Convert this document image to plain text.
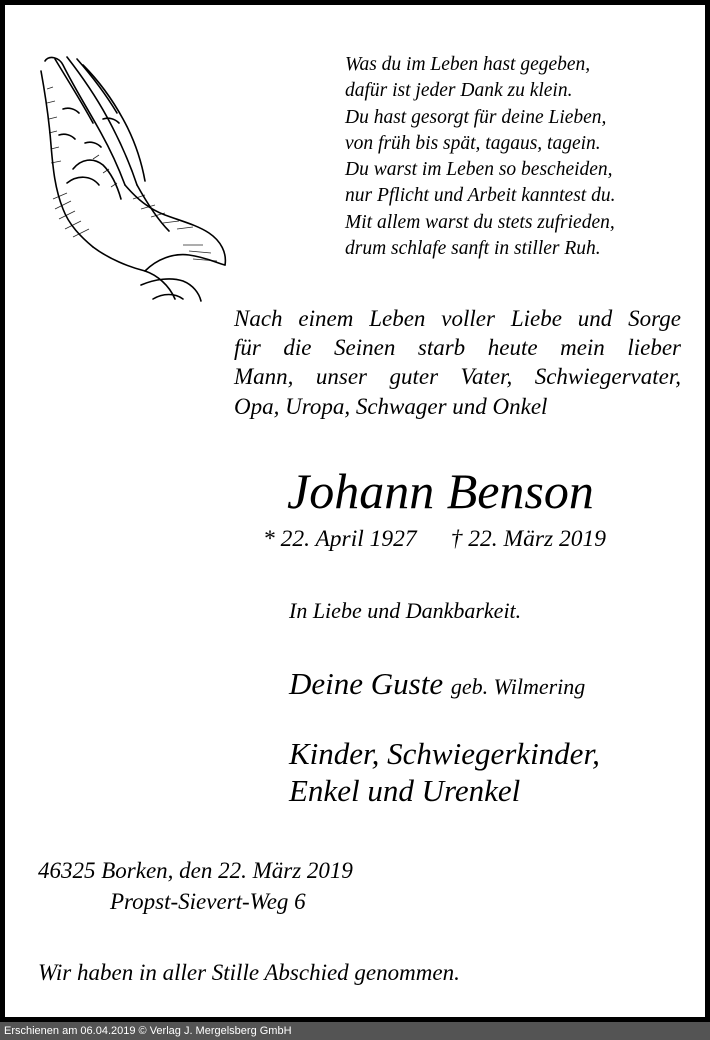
Was du im Leben hast gegeben,
dafür ist jeder Dank zu klein.
Du hast gesorgt für deine Lieben,
von früh bis spät, tagaus, tagein.
Du warst im Leben so bescheiden,
nur Pflicht und Arbeit kanntest du.
Mit allem warst du stets zufrieden,
drum schlafe sanft in stiller Ruh.
Nach einem Leben voller Liebe und Sorge
für die Seinen starb heute mein lieber
Mann, unser guter Vater, Schwiegervater,
Opa, Uropa, Schwager und Onkel
Johann Benson
* 22. April 1927 † 22. März 2019
In Liebe und Dankbarkeit.
Deine Guste geb. Wilmering
Kinder, Schwiegerkinder,
Enkel und Urenkel
46325 Borken, den 22. März 2019
Propst-Sievert-Weg 6
Wir haben in aller Stille Abschied genommen.
Erschienen am 06.04.2019 © Verlag J. Mergelsberg GmbH
